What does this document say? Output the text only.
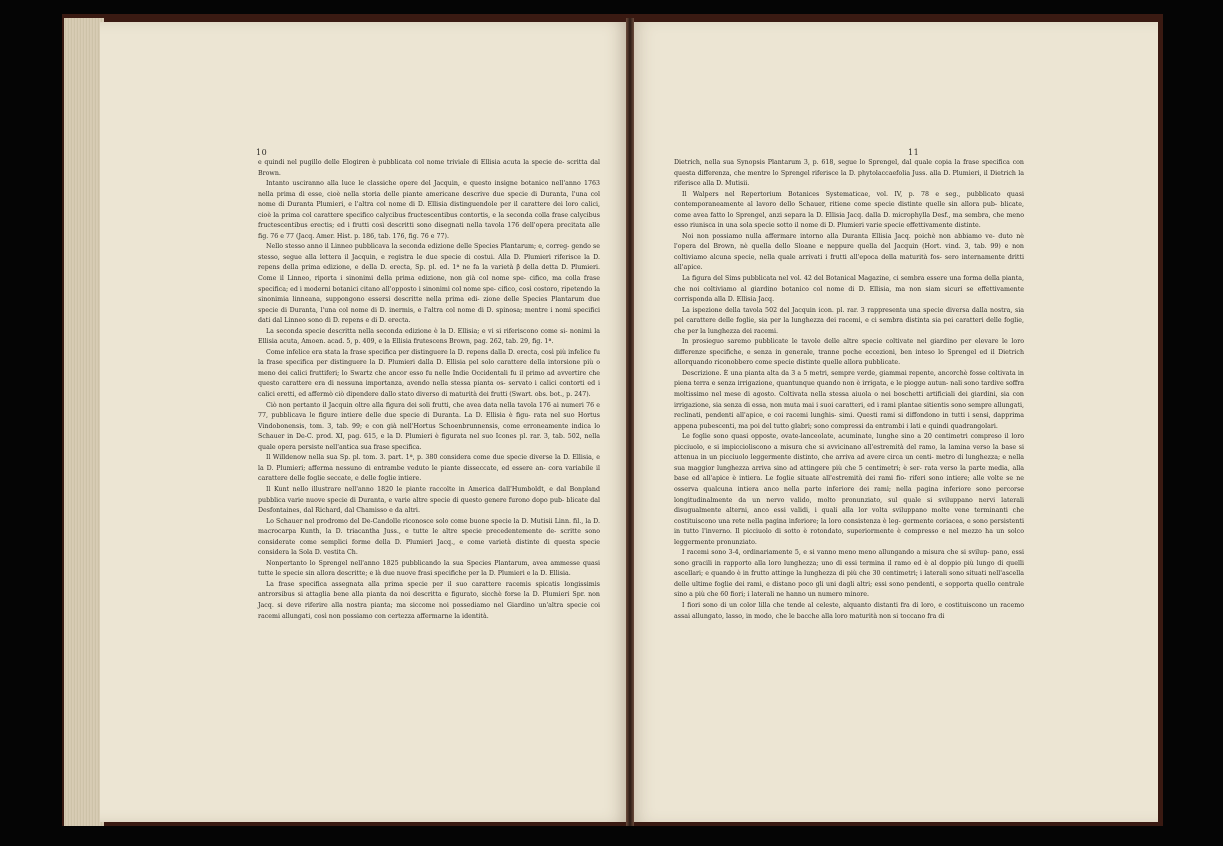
10

e quindi nel pugillo delle Elogiren è pubblicata col nome triviale di Ellisia acuta la specie de- scritta dal Brown.

Intanto usciranno alla luce le classiche opere del Jacquin, e questo insigne botanico nell'anno 1763 nella prima di esse, cioè nella storia delle piante americane descrive due specie di Duranta, l'una col nome di Duranta Plumieri, e l'altra col nome di D. Ellisia distinguendole per il carattere dei loro calici, cioè la prima col carattere specifico calycibus fructescentibus contortis, e la seconda colla frase calycibus fructescentibus erectis; ed i frutti così descritti sono disegnati nella tavola 176 dell'opera precitata alle fig. 76 e 77 (Jacq. Amer. Hist. p. 186, tab. 176, fig. 76 e 77).

Nello stesso anno il Linneo pubblicava la seconda edizione delle Species Plantarum; e, correg- gendo se stesso, segue alla lettera il Jacquin, e registra le due specie di costui. Alla D. Plumieri riferisce la D. repens della prima edizione, e della D. erecta, Sp. pl. ed. 1ª ne fa la varietà β della detta D. Plumieri. Come il Linneo, riporta i sinonimi della prima edizione, non già col nome spe- cifico, ma colla frase specifica; ed i moderni botanici citano all'opposto i sinonimi col nome spe- cifico, così costoro, ripetendo la sinonimia linneana, suppongono essersi descritte nella prima edi- zione delle Species Plantarum due specie di Duranta, l'una col nome di D. inermis, e l'altra col nome di D. spinosa; mentre i nomi specifici dati dal Linneo sono di D. repens e di D. erecta.

La seconda specie descritta nella seconda edizione è la D. Ellisia; e vi si riferiscono come si- nonimi la Ellisia acuta, Amoen. acad. 5, p. 409, e la Ellisia frutescens Brown, pag. 262, tab. 29, fig. 1ª.

Come infelice era stata la frase specifica per distinguere la D. repens dalla D. erecta, così più infelice fu la frase specifica per distinguere la D. Plumieri dalla D. Ellisia pel solo carattere della intorsione più o meno dei calici fruttiferi; lo Swartz che ancor esso fu nelle Indie Occidentali fu il primo ad avvertire che questo carattere era di nessuna importanza, avendo nella stessa pianta os- servato i calici contorti ed i calici eretti, ed affermò ciò dipendere dallo stato diverso di maturità dei frutti (Swart. obs. bot., p. 247).

Ciò non pertanto il Jacquin oltre alla figura dei soli frutti, che avea data nella tavola 176 ai numeri 76 e 77, pubblicava le figure intiere delle due specie di Duranta. La D. Ellisia è figu- rata nel suo Hortus Vindobonensis, tom. 3, tab. 99; e con già nell'Hortus Schoenbrunnensis, come erroneamente indica lo Schauer in De-C. prod. XI, pag. 615, e la D. Plumieri è figurata nel suo Icones pl. rar. 3, tab. 502, nella quale opera persiste nell'antica sua frase specifica.

Il Willdenow nella sua Sp. pl. tom. 3. part. 1ª, p. 380 considera come due specie diverse la D. Ellisia, e la D. Plumieri; afferma nessuno di entrambe veduto le piante disseccate, ed essere an- cora variabile il carattere delle foglie seccate, e delle foglie intiere.

Il Kunt nello illustrare nell'anno 1820 le piante raccolte in America dall'Humboldt, e dal Bonpland pubblica varie nuove specie di Duranta, e varie altre specie di questo genere furono dopo pub- blicate dal Desfontaines, dal Richard, dal Chamisso e da altri.

Lo Schauer nel prodromo del De-Candolle riconosce solo come buone specie la D. Mutisii Linn. fil., la D. macrocarpa Kunth, la D. triacantha Juss., e tutte le altre specie precedentemente de- scritte sono considerate come semplici forme della D. Plumieri Jacq., e come varietà distinte di questa specie considera la Sola D. vestita Ch.

Nonpertanto lo Sprengel nell'anno 1825 pubblicando la sua Species Plantarum, avea ammesse quasi tutte le specie sin allora descritte; e là due nuove frasi specifiche per la D. Plumieri e la D. Ellisia.

La frase specifica assegnata alla prima specie per il suo carattere racemis spicatis longissimis antrorsibus si attaglia bene alla pianta da noi descritta e figurato, sicchè forse la D. Plumieri Spr. non Jacq. si deve riferire alla nostra pianta; ma siccome noi possediamo nel Giardino un'altra specie coi racemi allungati, così non possiamo con certezza affermarne la identità.

11

Dietrich, nella sua Synopsis Plantarum 3, p. 618, segue lo Sprengel, dal quale copia la frase specifica con questa differenza, che mentre lo Sprengel riferisce la D. phytolaccaefolia Juss. alla D. Plumieri, il Dietrich la riferisce alla D. Mutisii.

Il Walpers nel Repertorium Botanices Systematicae, vol. IV, p. 78 e seg., pubblicato quasi contemporaneamente al lavoro dello Schauer, ritiene come specie distinte quelle sin allora pub- blicate, come avea fatto lo Sprengel, anzi separa la D. Ellisia Jacq. dalla D. microphylla Desf., ma sembra, che meno esso riunisca in una sola specie sotto il nome di D. Plumieri varie specie effettivamente distinte.

Noi non possiamo nulla affermare intorno alla Duranta Ellisia Jacq. poichè non abbiamo ve- duto nè l'opera del Brown, nè quella dello Sloane e neppure quella del Jacquin (Hort. vind. 3, tab. 99) e non coltiviamo alcuna specie, nella quale arrivati i frutti all'epoca della maturità fos- sero internamente dritti all'apice.

La figura del Sims pubblicata nel vol. 42 del Botanical Magazine, ci sembra essere una forma della pianta, che noi coltiviamo al giardino botanico col nome di D. Ellisia, ma non siam sicuri se effettivamente corrisponda alla D. Ellisia Jacq.

La ispezione della tavola 502 del Jacquin icon. pl. rar. 3 rappresenta una specie diversa dalla nostra, sia pel carattere delle foglie, sia per la lunghezza dei racemi, e ci sembra distinta sia pei caratteri delle foglie, che per la lunghezza dei racemi.

In prosieguo saremo pubblicate le tavole delle altre specie coltivate nel giardino per elevare le loro differenze specifiche, e senza in generale, tranne poche eccezioni, ben inteso lo Sprengel ed il Dietrich allorquando riconobbero come specie distinte quelle allora pubblicate.

Descrizione. È una pianta alta da 3 a 5 metri, sempre verde, giammai repente, ancorchè fosse coltivata in piena terra e senza irrigazione, quantunque quando non è irrigata, e le piogge autun- nali sono tardive soffra moltissimo nel mese di agosto. Coltivata nella stessa aiuola o nei boschetti artificiali dei giardini, sia con irrigazione, sia senza di essa, non muta mai i suoi caratteri, ed i rami plantae sitientis sono sempre allungati, reclinati, pendenti all'apice, e coi racemi lunghis- simi. Questi rami si diffondono in tutti i sensi, dapprima appena pubescenti, ma poi del tutto glabri; sono compressi da entrambi i lati e quindi quadrangolari.

Le foglie sono quasi opposte, ovate-lanceolate, acuminate, lunghe sino a 20 centimetri compreso il loro picciuolo, e si impiccioliscono a misura che si avvicinano all'estremità del ramo, la lamina verso la base si attenua in un picciuolo leggermente distinto, che arriva ad avere circa un centi- metro di lunghezza; e nella sua maggior lunghezza arriva sino ad attingere più che 5 centimetri; è ser- rata verso la parte media, alla base ed all'apice è intiera. Le foglie situate all'estremità dei rami fio- riferi sono intiere; alle volte se ne osserva qualcuna intiera anco nella parte inferiore dei rami; nella pagina inferiore sono percorse longitudinalmente da un nervo valido, molto pronunziato, sul quale si sviluppano nervi laterali disugualmente alterni, anco essi validi, i quali alla lor volta sviluppano molte vene terminanti che costituiscono una rete nella pagina inferiore; la loro consistenza è leg- germente coriacea, e sono persistenti in tutto l'inverno. Il picciuolo di sotto è rotondato, superiormente è compresso e nel mezzo ha un solco leggermente pronunziato.

I racemi sono 3-4, ordinariamente 5, e si vanno meno meno allungando a misura che si svilup- pano, essi sono gracili in rapporto alla loro lunghezza; uno di essi termina il ramo ed è al doppio più lungo di quelli ascellari; e quando è in frutto attinge la lunghezza di più che 30 centimetri; i laterali sono situati nell'ascella delle ultime foglie dei rami, e distano poco gli uni dagli altri; essi sono pendenti, e sopporta quello centrale sino a più che 60 fiori; i laterali ne hanno un numero minore.

I fiori sono di un color lilla che tende al celeste, alquanto distanti fra di loro, e costituiscono un racemo assai allungato, lasso, in modo, che le bacche alla loro maturità non si toccano fra di
